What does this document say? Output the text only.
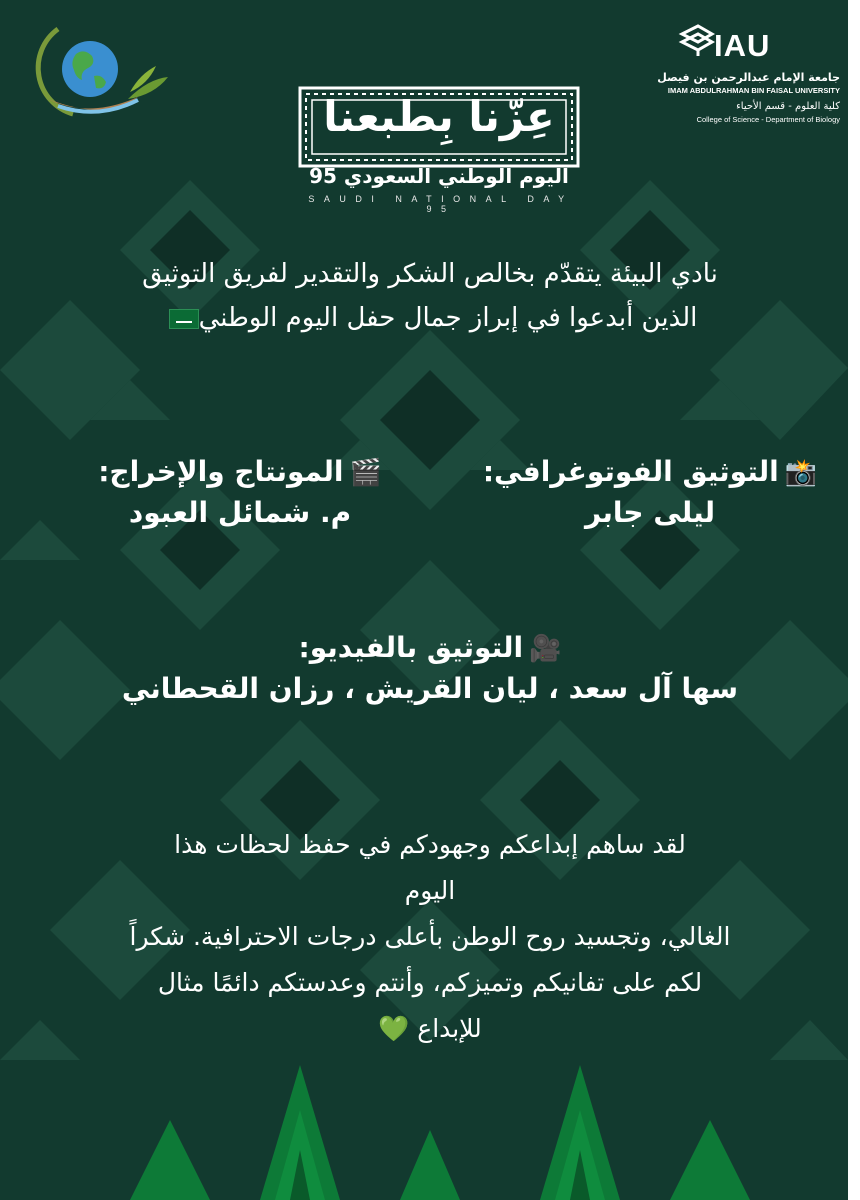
IAU
جامعة الإمام عبدالرحمن بن فيصل
IMAM ABDULRAHMAN BIN FAISAL UNIVERSITY
كلية العلوم - قسم الأحياء
College of Science - Department of Biology
عِزّنا بِطبعنا
اليوم الوطني السعودي 95
SAUDI NATIONAL DAY 95
نادي البيئة يتقدّم بخالص الشكر والتقدير لفريق التوثيق
الذين أبدعوا في إبراز جمال حفل اليوم الوطني
📸التوثيق الفوتوغرافي:
ليلى جابر
🎬المونتاج والإخراج:
م. شمائل العبود
🎥التوثيق بالفيديو:
سها آل سعد ، ليان القريش ، رزان القحطاني
لقد ساهم إبداعكم وجهودكم في حفظ لحظات هذا
اليوم
الغالي، وتجسيد روح الوطن بأعلى درجات الاحترافية. شكراً
لكم على تفانيكم وتميزكم، وأنتم وعدستكم دائمًا مثال
للإبداع 💚
